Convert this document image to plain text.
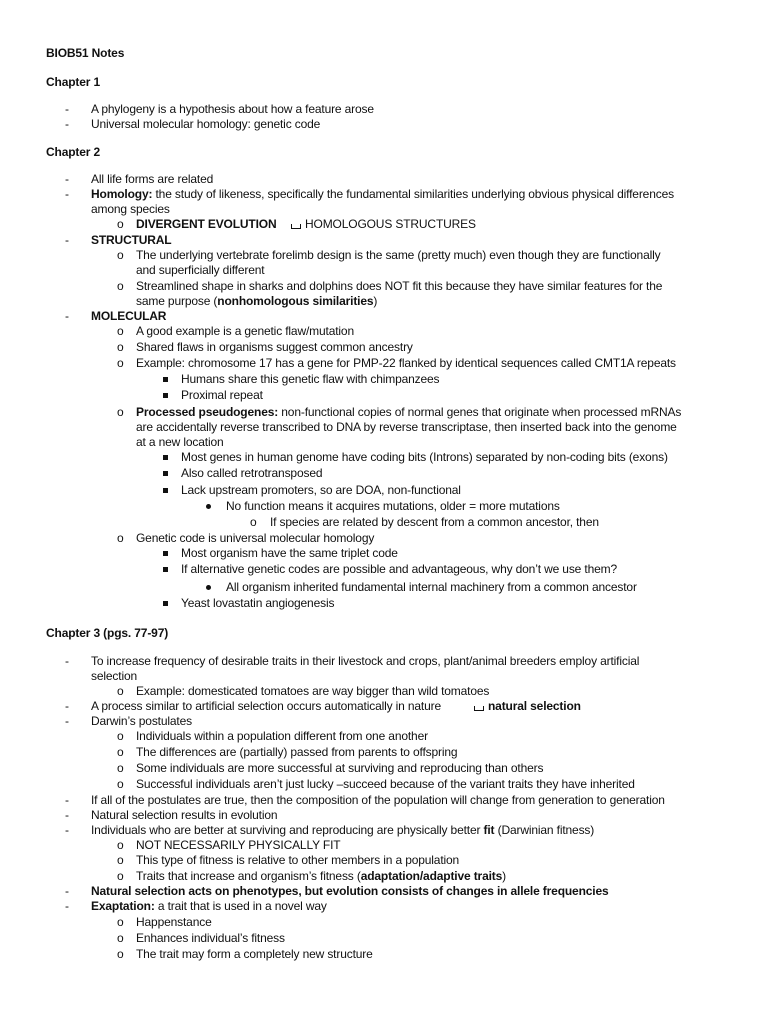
BIOB51 Notes
Chapter 1
- A phylogeny is a hypothesis about how a feature arose
- Universal molecular homology: genetic code
Chapter 2
- All life forms are related
- Homology: the study of likeness, specifically the fundamental similarities underlying obvious physical differences
among species
o DIVERGENT EVOLUTION HOMOLOGOUS STRUCTURES
- STRUCTURAL
o The underlying vertebrate forelimb design is the same (pretty much) even though they are functionally
and superficially different
o Streamlined shape in sharks and dolphins does NOT fit this because they have similar features for the
same purpose (nonhomologous similarities)
- MOLECULAR
o A good example is a genetic flaw/mutation
o Shared flaws in organisms suggest common ancestry
o Example: chromosome 17 has a gene for PMP-22 flanked by identical sequences called CMT1A repeats
Humans share this genetic flaw with chimpanzees
Proximal repeat
o Processed pseudogenes: non-functional copies of normal genes that originate when processed mRNAs
are accidentally reverse transcribed to DNA by reverse transcriptase, then inserted back into the genome
at a new location
Most genes in human genome have coding bits (Introns) separated by non-coding bits (exons)
Also called retrotransposed
Lack upstream promoters, so are DOA, non-functional
No function means it acquires mutations, older = more mutations
o If species are related by descent from a common ancestor, then
o Genetic code is universal molecular homology
Most organism have the same triplet code
If alternative genetic codes are possible and advantageous, why don’t we use them?
All organism inherited fundamental internal machinery from a common ancestor
Yeast lovastatin angiogenesis
Chapter 3 (pgs. 77-97)
- To increase frequency of desirable traits in their livestock and crops, plant/animal breeders employ artificial
selection
o Example: domesticated tomatoes are way bigger than wild tomatoes
- A process similar to artificial selection occurs automatically in nature	natural selection
- Darwin’s postulates
o Individuals within a population different from one another
o The differences are (partially) passed from parents to offspring
o Some individuals are more successful at surviving and reproducing than others
o Successful individuals aren’t just lucky –succeed because of the variant traits they have inherited
- If all of the postulates are true, then the composition of the population will change from generation to generation
- Natural selection results in evolution
- Individuals who are better at surviving and reproducing are physically better fit (Darwinian fitness)
o NOT NECESSARILY PHYSICALLY FIT
o This type of fitness is relative to other members in a population
o Traits that increase and organism’s fitness (adaptation/adaptive traits)
- Natural selection acts on phenotypes, but evolution consists of changes in allele frequencies
- Exaptation: a trait that is used in a novel way
o Happenstance
o Enhances individual’s fitness
o The trait may form a completely new structure
